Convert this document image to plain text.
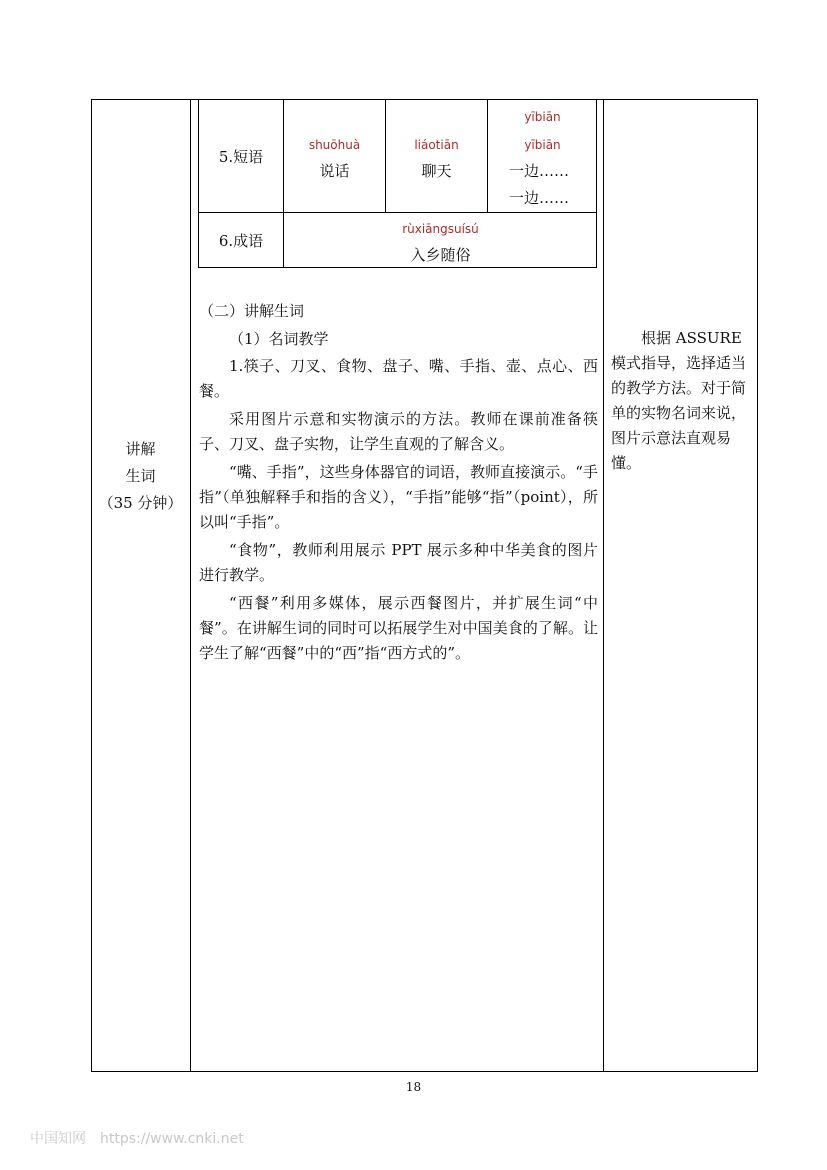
5.短语
shuōhuà
说话
liáotiān
聊天
yībiān
yībiān
一边……
一边……
6.成语
rùxiāngsuísú
入乡随俗
讲解
生词
（35 分钟）
（二）讲解生词
（1）名词教学

1.筷子、刀叉、食物、盘子、嘴、手指、壶、点心、西餐。

采用图片示意和实物演示的方法。教师在课前准备筷子、刀叉、盘子实物，让学生直观的了解含义。

“嘴、手指”，这些身体器官的词语，教师直接演示。“手指”（单独解释手和指的含义），“手指”能够“指”（point），所以叫“手指”。

“食物”，教师利用展示 PPT 展示多种中华美食的图片进行教学。

“西餐”利用多媒体，展示西餐图片，并扩展生词“中餐”。在讲解生词的同时可以拓展学生对中国美食的了解。让学生了解“西餐”中的“西”指“西方式的”。

根据 ASSURE 模式指导，选择适当的教学方法。对于简单的实物名词来说，图片示意法直观易懂。
18
中国知网　https://www.cnki.net
